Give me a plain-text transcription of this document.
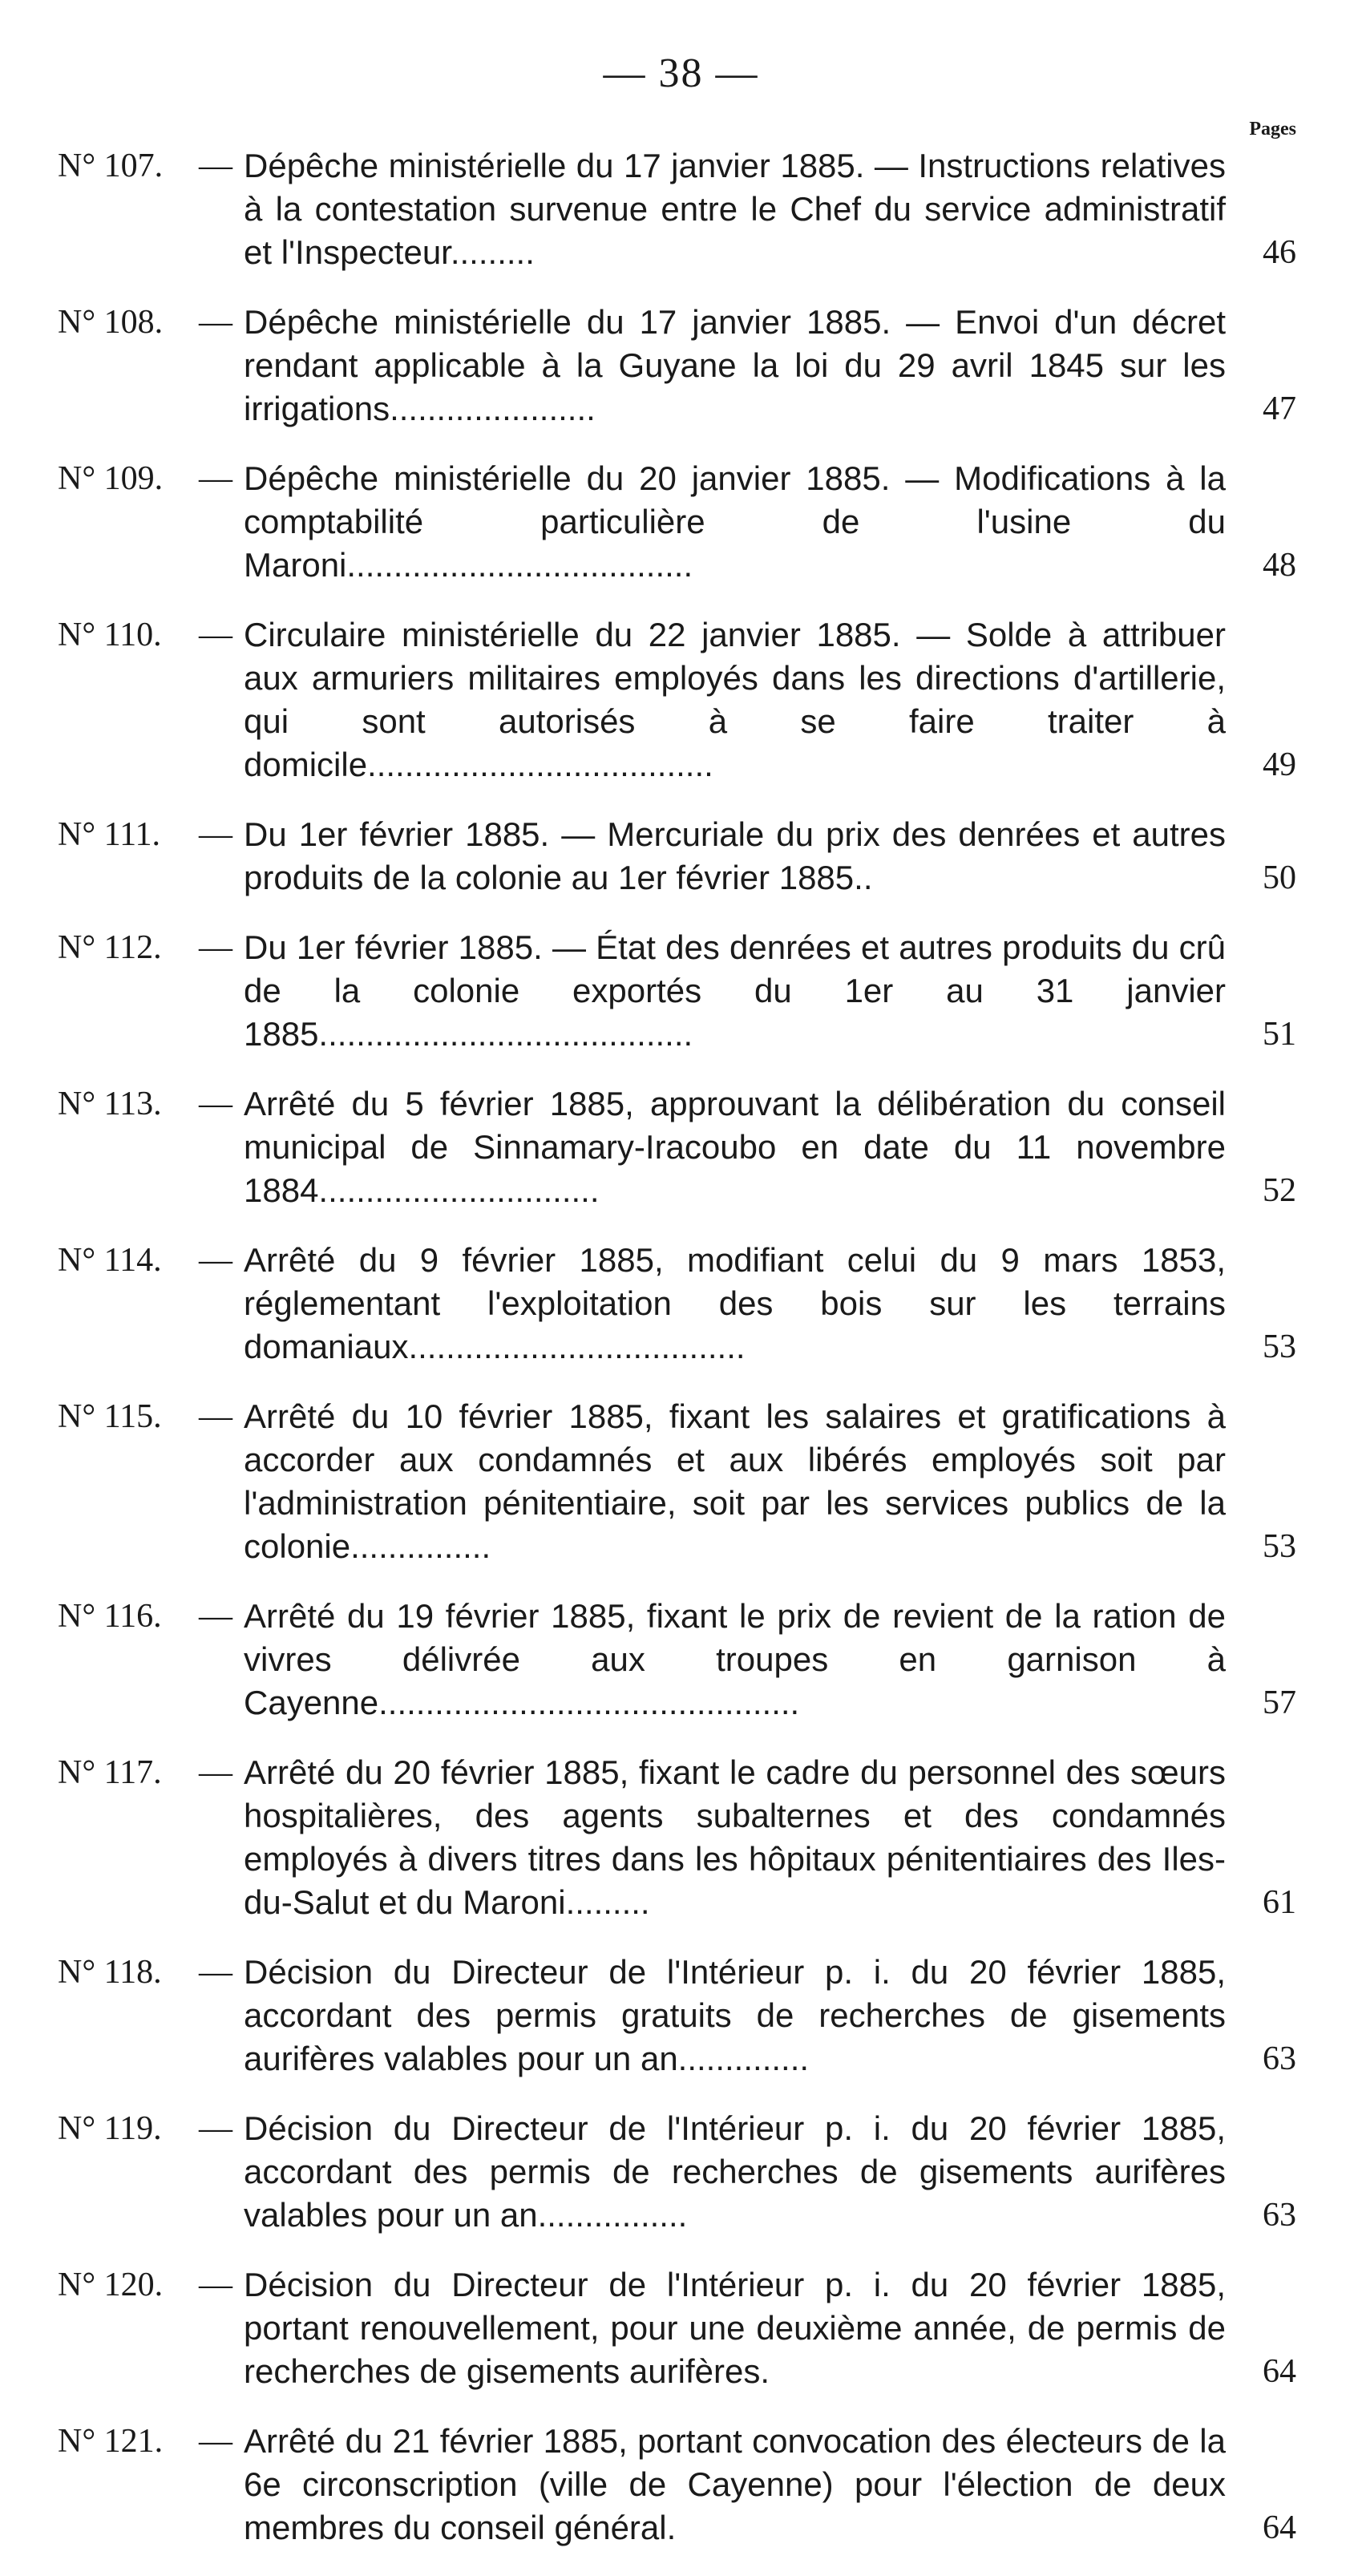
— 38 —
Pages
N° 107.	— Dépêche ministérielle du 17 janvier 1885. — Instructions relatives à la contestation survenue entre le Chef du service administratif et l'Inspecteur.........	46
N° 108.	— Dépêche ministérielle du 17 janvier 1885. — Envoi d'un décret rendant applicable à la Guyane la loi du 29 avril 1845 sur les irrigations......................	47
N° 109.	— Dépêche ministérielle du 20 janvier 1885. — Modifications à la comptabilité particulière de l'usine du Maroni.....................................	48
N° 110.	— Circulaire ministérielle du 22 janvier 1885. — Solde à attribuer aux armuriers militaires employés dans les directions d'artillerie, qui sont autorisés à se faire traiter à domicile.....................................	49
N° 111.	— Du 1er février 1885. — Mercuriale du prix des denrées et autres produits de la colonie au 1er février 1885..	50
N° 112.	— Du 1er février 1885. — État des denrées et autres produits du crû de la colonie exportés du 1er au 31 janvier 1885........................................	51
N° 113.	— Arrêté du 5 février 1885, approuvant la délibération du conseil municipal de Sinnamary-Iracoubo en date du 11 novembre 1884..............................	52
N° 114.	— Arrêté du 9 février 1885, modifiant celui du 9 mars 1853, réglementant l'exploitation des bois sur les terrains domaniaux....................................	53
N° 115.	— Arrêté du 10 février 1885, fixant les salaires et gratifications à accorder aux condamnés et aux libérés employés soit par l'administration pénitentiaire, soit par les services publics de la colonie...............	53
N° 116.	— Arrêté du 19 février 1885, fixant le prix de revient de la ration de vivres délivrée aux troupes en garnison à Cayenne.............................................	57
N° 117.	— Arrêté du 20 février 1885, fixant le cadre du personnel des sœurs hospitalières, des agents subalternes et des condamnés employés à divers titres dans les hôpitaux pénitentiaires des Iles-du-Salut et du Maroni.........	61
N° 118.	— Décision du Directeur de l'Intérieur p. i. du 20 février 1885, accordant des permis gratuits de recherches de gisements aurifères valables pour un an..............	63
N° 119.	— Décision du Directeur de l'Intérieur p. i. du 20 février 1885, accordant des permis de recherches de gisements aurifères valables pour un an................	63
N° 120.	— Décision du Directeur de l'Intérieur p. i. du 20 février 1885, portant renouvellement, pour une deuxième année, de permis de recherches de gisements aurifères.	64
N° 121.	— Arrêté du 21 février 1885, portant convocation des électeurs de la 6e circonscription (ville de Cayenne) pour l'élection de deux membres du conseil général.	64
